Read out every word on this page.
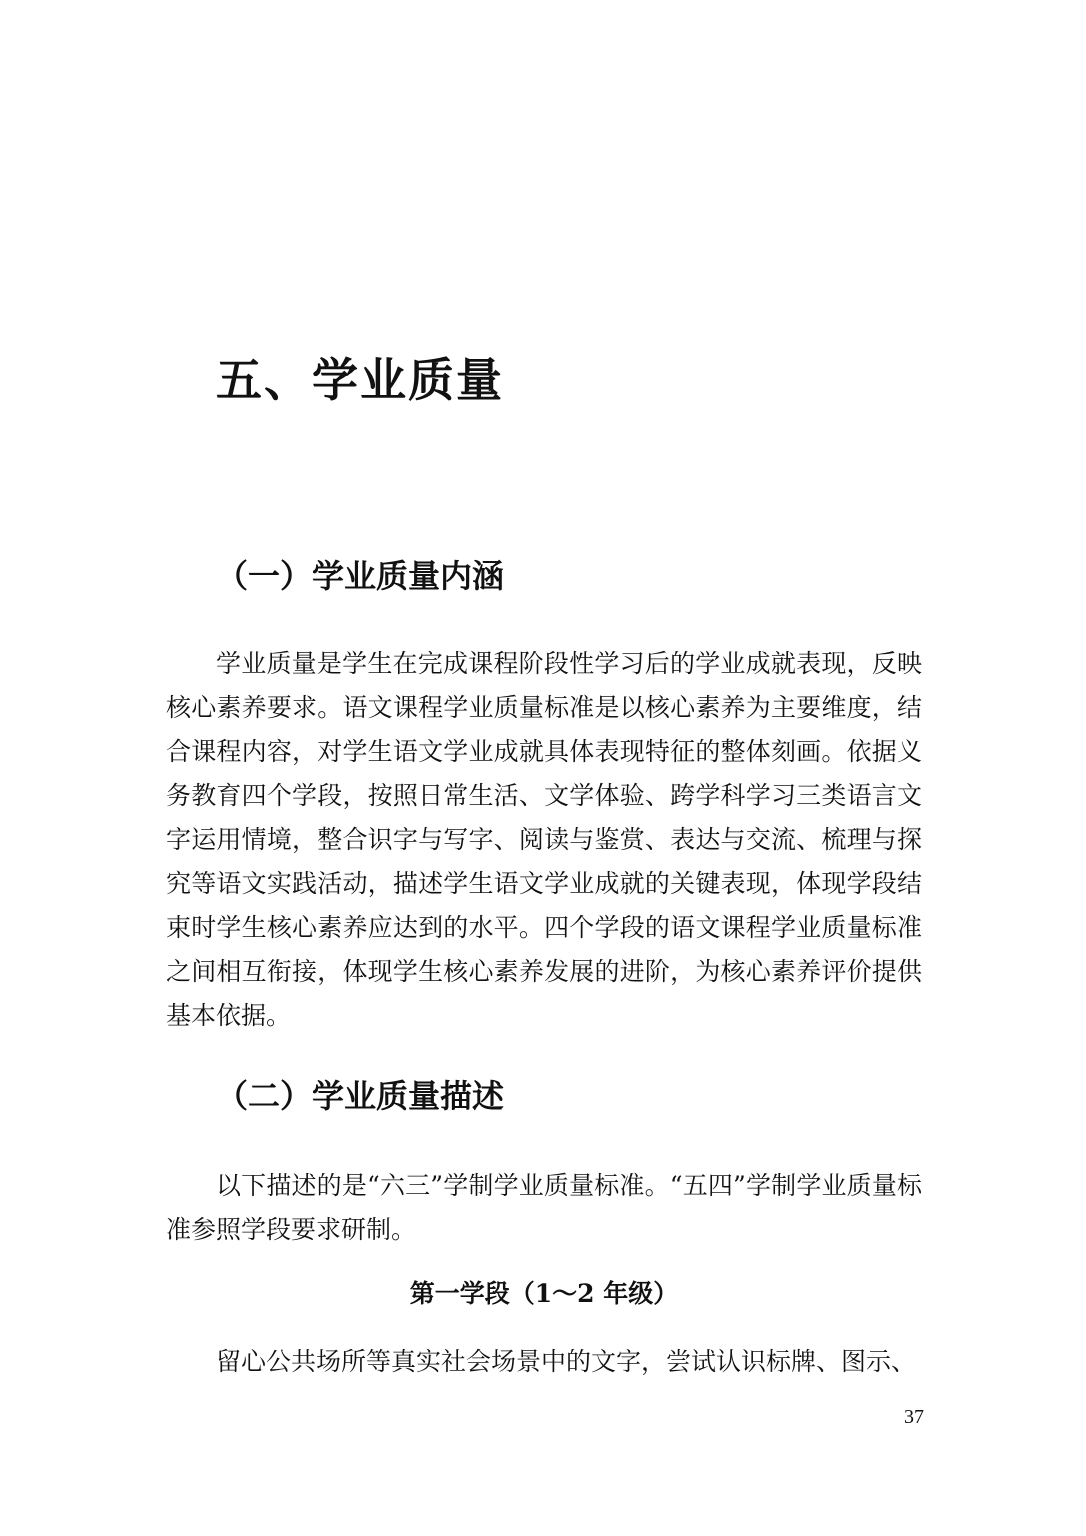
五、学业质量
（一）学业质量内涵

学业质量是学生在完成课程阶段性学习后的学业成就表现，反映核心素养要求。语文课程学业质量标准是以核心素养为主要维度，结合课程内容，对学生语文学业成就具体表现特征的整体刻画。依据义务教育四个学段，按照日常生活、文学体验、跨学科学习三类语言文字运用情境，整合识字与写字、阅读与鉴赏、表达与交流、梳理与探究等语文实践活动，描述学生语文学业成就的关键表现，体现学段结束时学生核心素养应达到的水平。四个学段的语文课程学业质量标准之间相互衔接，体现学生核心素养发展的进阶，为核心素养评价提供基本依据。

（二）学业质量描述

以下描述的是“六三”学制学业质量标准。“五四”学制学业质量标准参照学段要求研制。

第一学段（1～2 年级）

留心公共场所等真实社会场景中的文字，尝试认识标牌、图示、

37
